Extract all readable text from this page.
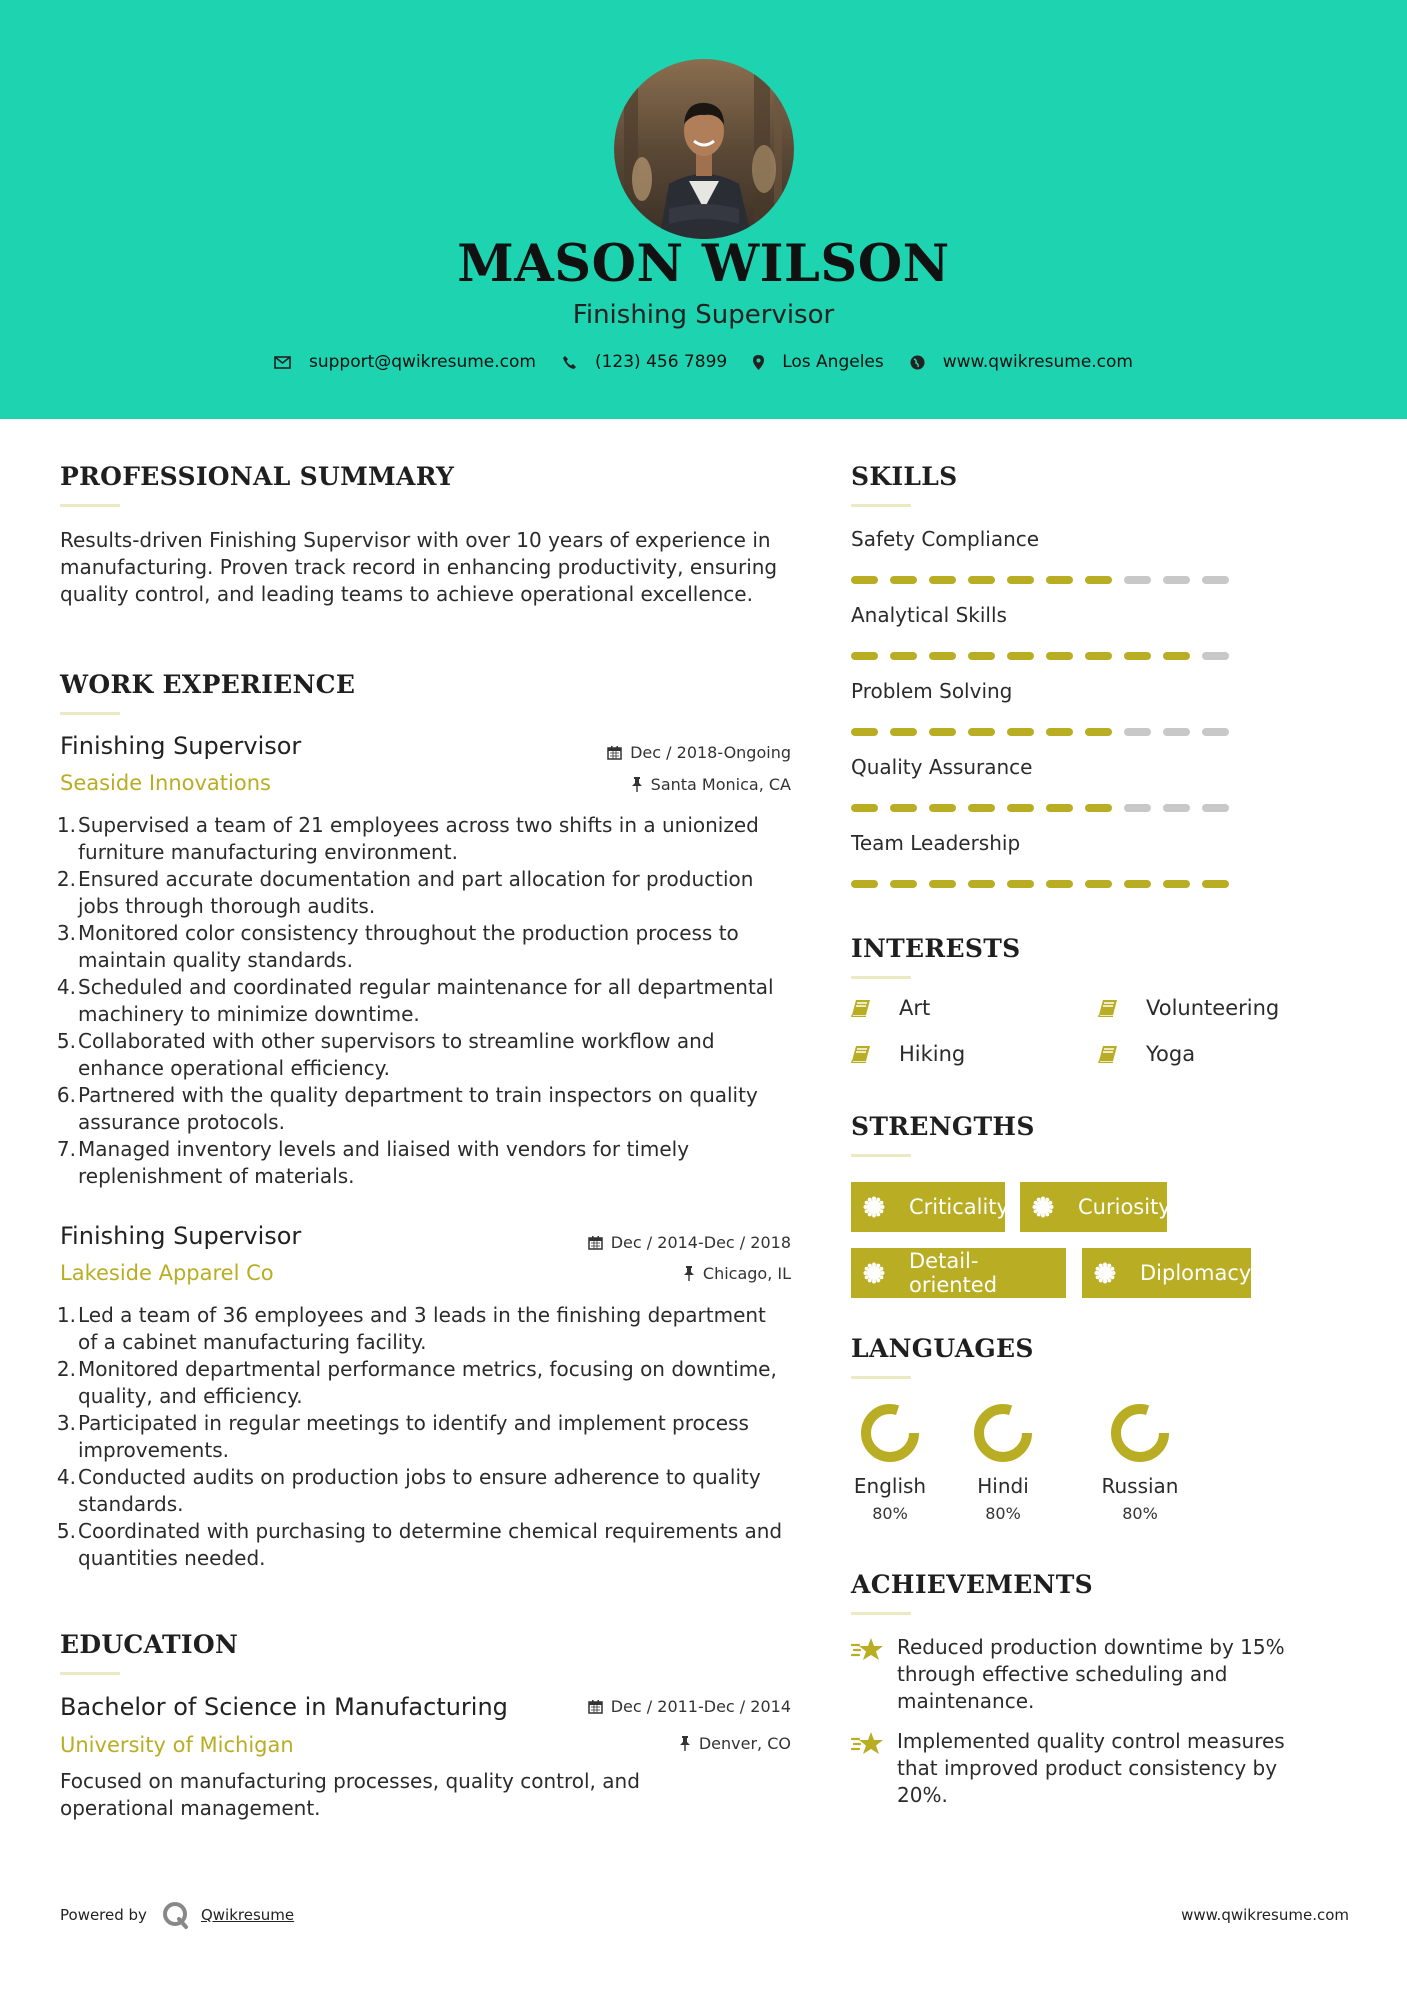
MASON WILSON
Finishing Supervisor
support@qwikresume.com	(123) 456 7899	Los Angeles	www.qwikresume.com
PROFESSIONAL SUMMARY
Results-driven Finishing Supervisor with over 10 years of experience in manufacturing. Proven track record in enhancing productivity, ensuring quality control, and leading teams to achieve operational excellence.
WORK EXPERIENCE
Finishing Supervisor
Seaside Innovations
Dec / 2018-Ongoing
Santa Monica, CA
1. Supervised a team of 21 employees across two shifts in a unionized furniture manufacturing environment.
2. Ensured accurate documentation and part allocation for production jobs through thorough audits.
3. Monitored color consistency throughout the production process to maintain quality standards.
4. Scheduled and coordinated regular maintenance for all departmental machinery to minimize downtime.
5. Collaborated with other supervisors to streamline workflow and enhance operational efficiency.
6. Partnered with the quality department to train inspectors on quality assurance protocols.
7. Managed inventory levels and liaised with vendors for timely replenishment of materials.
Finishing Supervisor
Lakeside Apparel Co
Dec / 2014-Dec / 2018
Chicago, IL
1. Led a team of 36 employees and 3 leads in the finishing department of a cabinet manufacturing facility.
2. Monitored departmental performance metrics, focusing on downtime, quality, and efficiency.
3. Participated in regular meetings to identify and implement process improvements.
4. Conducted audits on production jobs to ensure adherence to quality standards.
5. Coordinated with purchasing to determine chemical requirements and quantities needed.
EDUCATION
Bachelor of Science in Manufacturing
University of Michigan
Dec / 2011-Dec / 2014
Denver, CO
Focused on manufacturing processes, quality control, and operational management.
SKILLS
Safety Compliance
Analytical Skills
Problem Solving
Quality Assurance
Team Leadership
INTERESTS
Art	Volunteering
Hiking	Yoga
STRENGTHS
Criticality	Curiosity
Detail-oriented	Diplomacy
LANGUAGES
English
80%
Hindi
80%
Russian
80%
ACHIEVEMENTS
Reduced production downtime by 15% through effective scheduling and maintenance.
Implemented quality control measures that improved product consistency by 20%.
Powered by	Qwikresume	www.qwikresume.com
